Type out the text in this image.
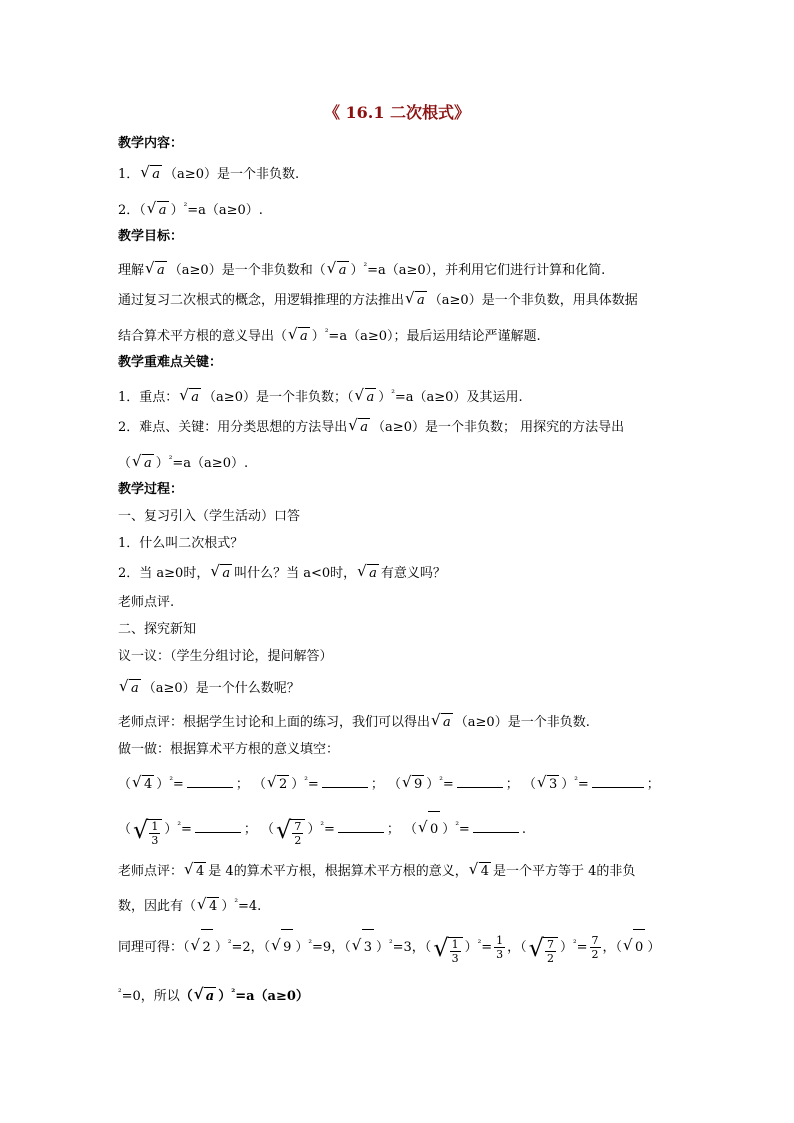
《 16.1 二次根式》
教学内容：
1． √ a （a≥0）是一个非负数.
2．（ √ a ）$^{^2}$=a（a≥0）.
教学目标：
理解 √ a （a≥0）是一个非负数和（ √ a ）$^{^2}$=a（a≥0），并利用它们进行计算和化简.
通过复习二次根式的概念，用逻辑推理的方法推出 √ a （a≥0）是一个非负数，用具体数据
结合算术平方根的意义导出（ √ a ）$^{^2}$=a（a≥0）；最后运用结论严谨解题.
教学重难点关键：
1．重点： √ a （a≥0）是一个非负数；（ √ a ）$^{^2}$=a（a≥0）及其运用.
2．难点、关键：用分类思想的方法导出 √ a （a≥0）是一个非负数； 用探究的方法导出
（ √ a ）$^{^2}$=a（a≥0）.
教学过程：
一、复习引入（学生活动）口答
1．什么叫二次根式？
2．当 a≥0时， √ a 叫什么？当 a<0时， √ a 有意义吗？
老师点评.
二、探究新知
议一议：（学生分组讨论，提问解答）
√ a （a≥0）是一个什么数呢？
老师点评：根据学生讨论和上面的练习，我们可以得出 √ a （a≥0）是一个非负数.
做一做：根据算术平方根的意义填空：
（ √ 4 ）$^{^2}$=	； （ √ 2 ）$^{^2}$=	； （ √ 9 ）$^{^2}$=	； （ √ 3 ）$^{^2}$=	；
（ √ $\frac{1}{3} )^{^2}=$	； （ √ $\frac{7}{2} )^{^2}=$	； （ √ 0 ）$^{^2}$=	.
老师点评： √ 4 是 4的算术平方根，根据算术平方根的意义， √ 4 是一个平方等于 4的非负
数，因此有（ √ 4 ）$^{^2}$=4.
同理可得：（ √ 2 ）$^{^2}$=2，（ √ 9 ）$^{^2}$=9，（ √ 3 ）$^{^2}$=3，（ √ $\frac{1}{3} )^{^2}= \frac{1}{3}$ ，（ √ $\frac{7}{2} )^{^2}= \frac{7}{2}$ ，（ √ 0 ）
$^{^2}$=0，所以（ √ a ）$^{^2}$=a（a≥0）
